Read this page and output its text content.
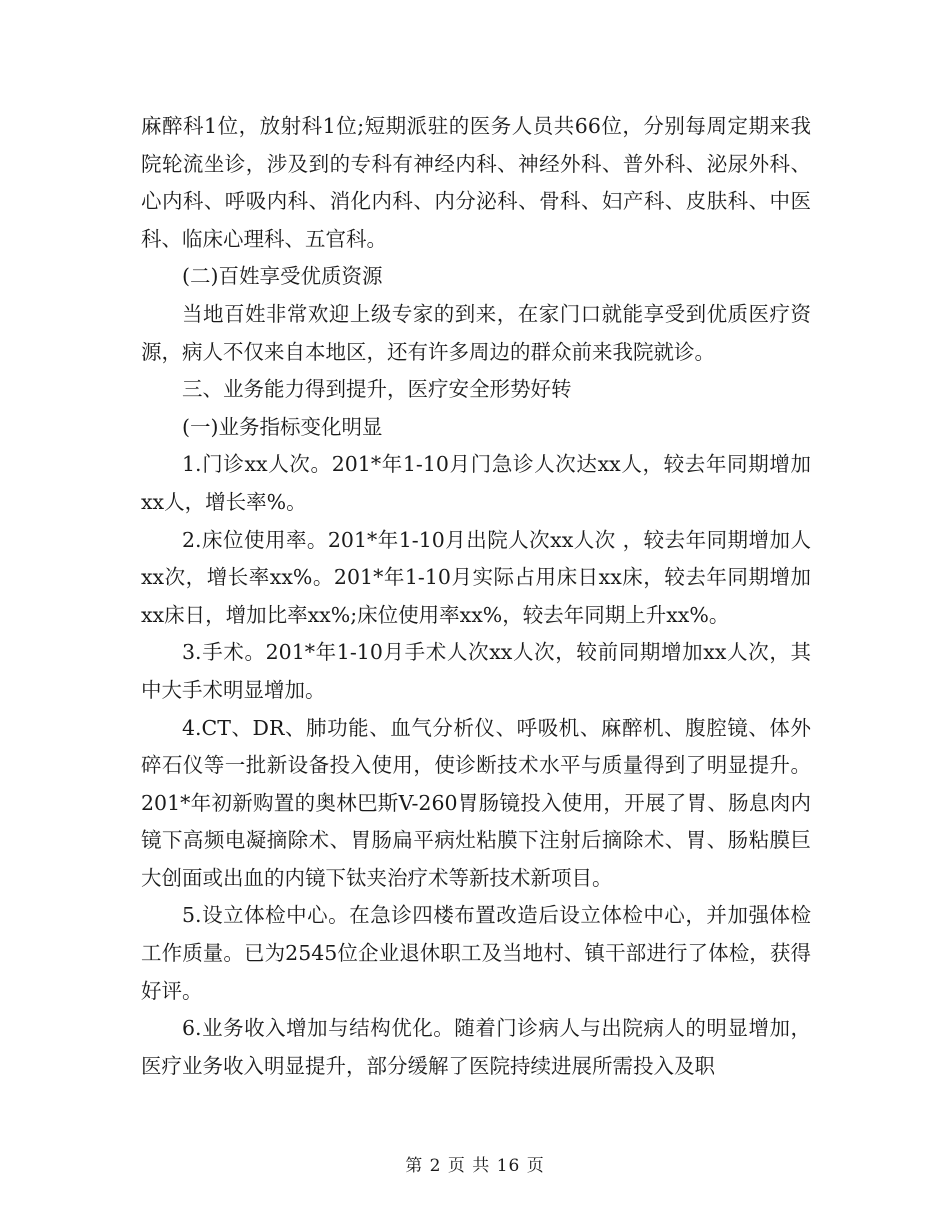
麻醉科1位，放射科1位;短期派驻的医务人员共66位，分别每周定期来我院轮流坐诊，涉及到的专科有神经内科、神经外科、普外科、泌尿外科、心内科、呼吸内科、消化内科、内分泌科、骨科、妇产科、皮肤科、中医科、临床心理科、五官科。

(二)百姓享受优质资源

当地百姓非常欢迎上级专家的到来，在家门口就能享受到优质医疗资源，病人不仅来自本地区，还有许多周边的群众前来我院就诊。

三、业务能力得到提升，医疗安全形势好转

(一)业务指标变化明显

1.门诊xx人次。201*年1-10月门急诊人次达xx人，较去年同期增加xx人，增长率%。

2.床位使用率。201*年1-10月出院人次xx人次 ，较去年同期增加人xx次，增长率xx%。201*年1-10月实际占用床日xx床，较去年同期增加xx床日，增加比率xx%;床位使用率xx%，较去年同期上升xx%。

3.手术。201*年1-10月手术人次xx人次，较前同期增加xx人次，其中大手术明显增加。

4.CT、DR、肺功能、血气分析仪、呼吸机、麻醉机、腹腔镜、体外碎石仪等一批新设备投入使用，使诊断技术水平与质量得到了明显提升。201*年初新购置的奥林巴斯V-260胃肠镜投入使用，开展了胃、肠息肉内镜下高频电凝摘除术、胃肠扁平病灶粘膜下注射后摘除术、胃、肠粘膜巨大创面或出血的内镜下钛夹治疗术等新技术新项目。

5.设立体检中心。在急诊四楼布置改造后设立体检中心，并加强体检工作质量。已为2545位企业退休职工及当地村、镇干部进行了体检，获得好评。

6.业务收入增加与结构优化。随着门诊病人与出院病人的明显增加，医疗业务收入明显提升，部分缓解了医院持续进展所需投入及职

第 2 页 共 16 页
